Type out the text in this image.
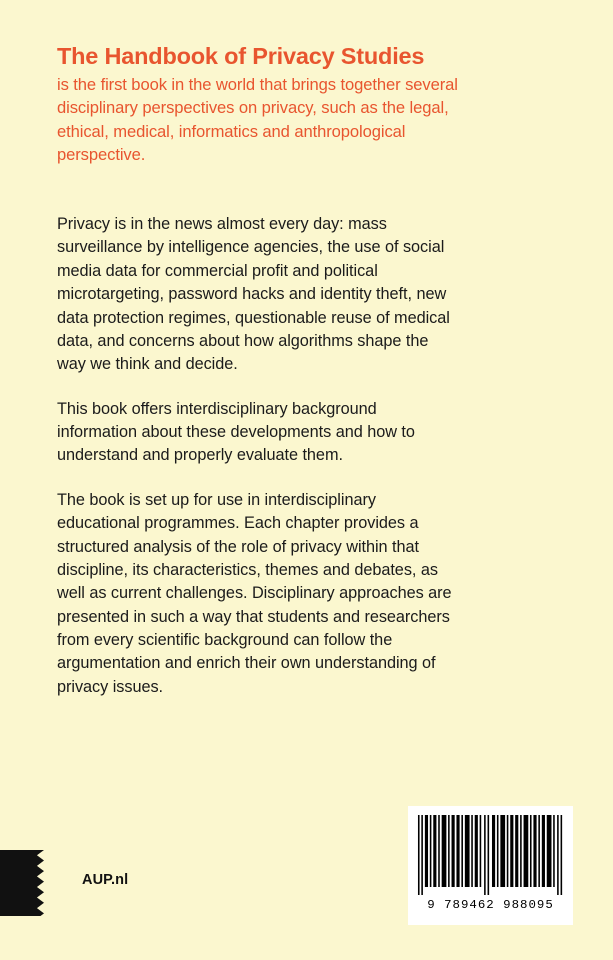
The Handbook of Privacy Studies

is the first book in the world that brings together several disciplinary perspectives on privacy, such as the legal, ethical, medical, informatics and anthropological perspective.

Privacy is in the news almost every day: mass surveillance by intelligence agencies, the use of social media data for commercial profit and political microtargeting, password hacks and identity theft, new data protection regimes, questionable reuse of medical data, and concerns about how algorithms shape the way we think and decide.

This book offers interdisciplinary background information about these developments and how to understand and properly evaluate them.

The book is set up for use in interdisciplinary educational programmes. Each chapter provides a structured analysis of the role of privacy within that discipline, its characteristics, themes and debates, as well as current challenges. Disciplinary approaches are presented in such a way that students and researchers from every scientific background can follow the argumentation and enrich their own understanding of privacy issues.

AUP.nl
9 789462 988095
